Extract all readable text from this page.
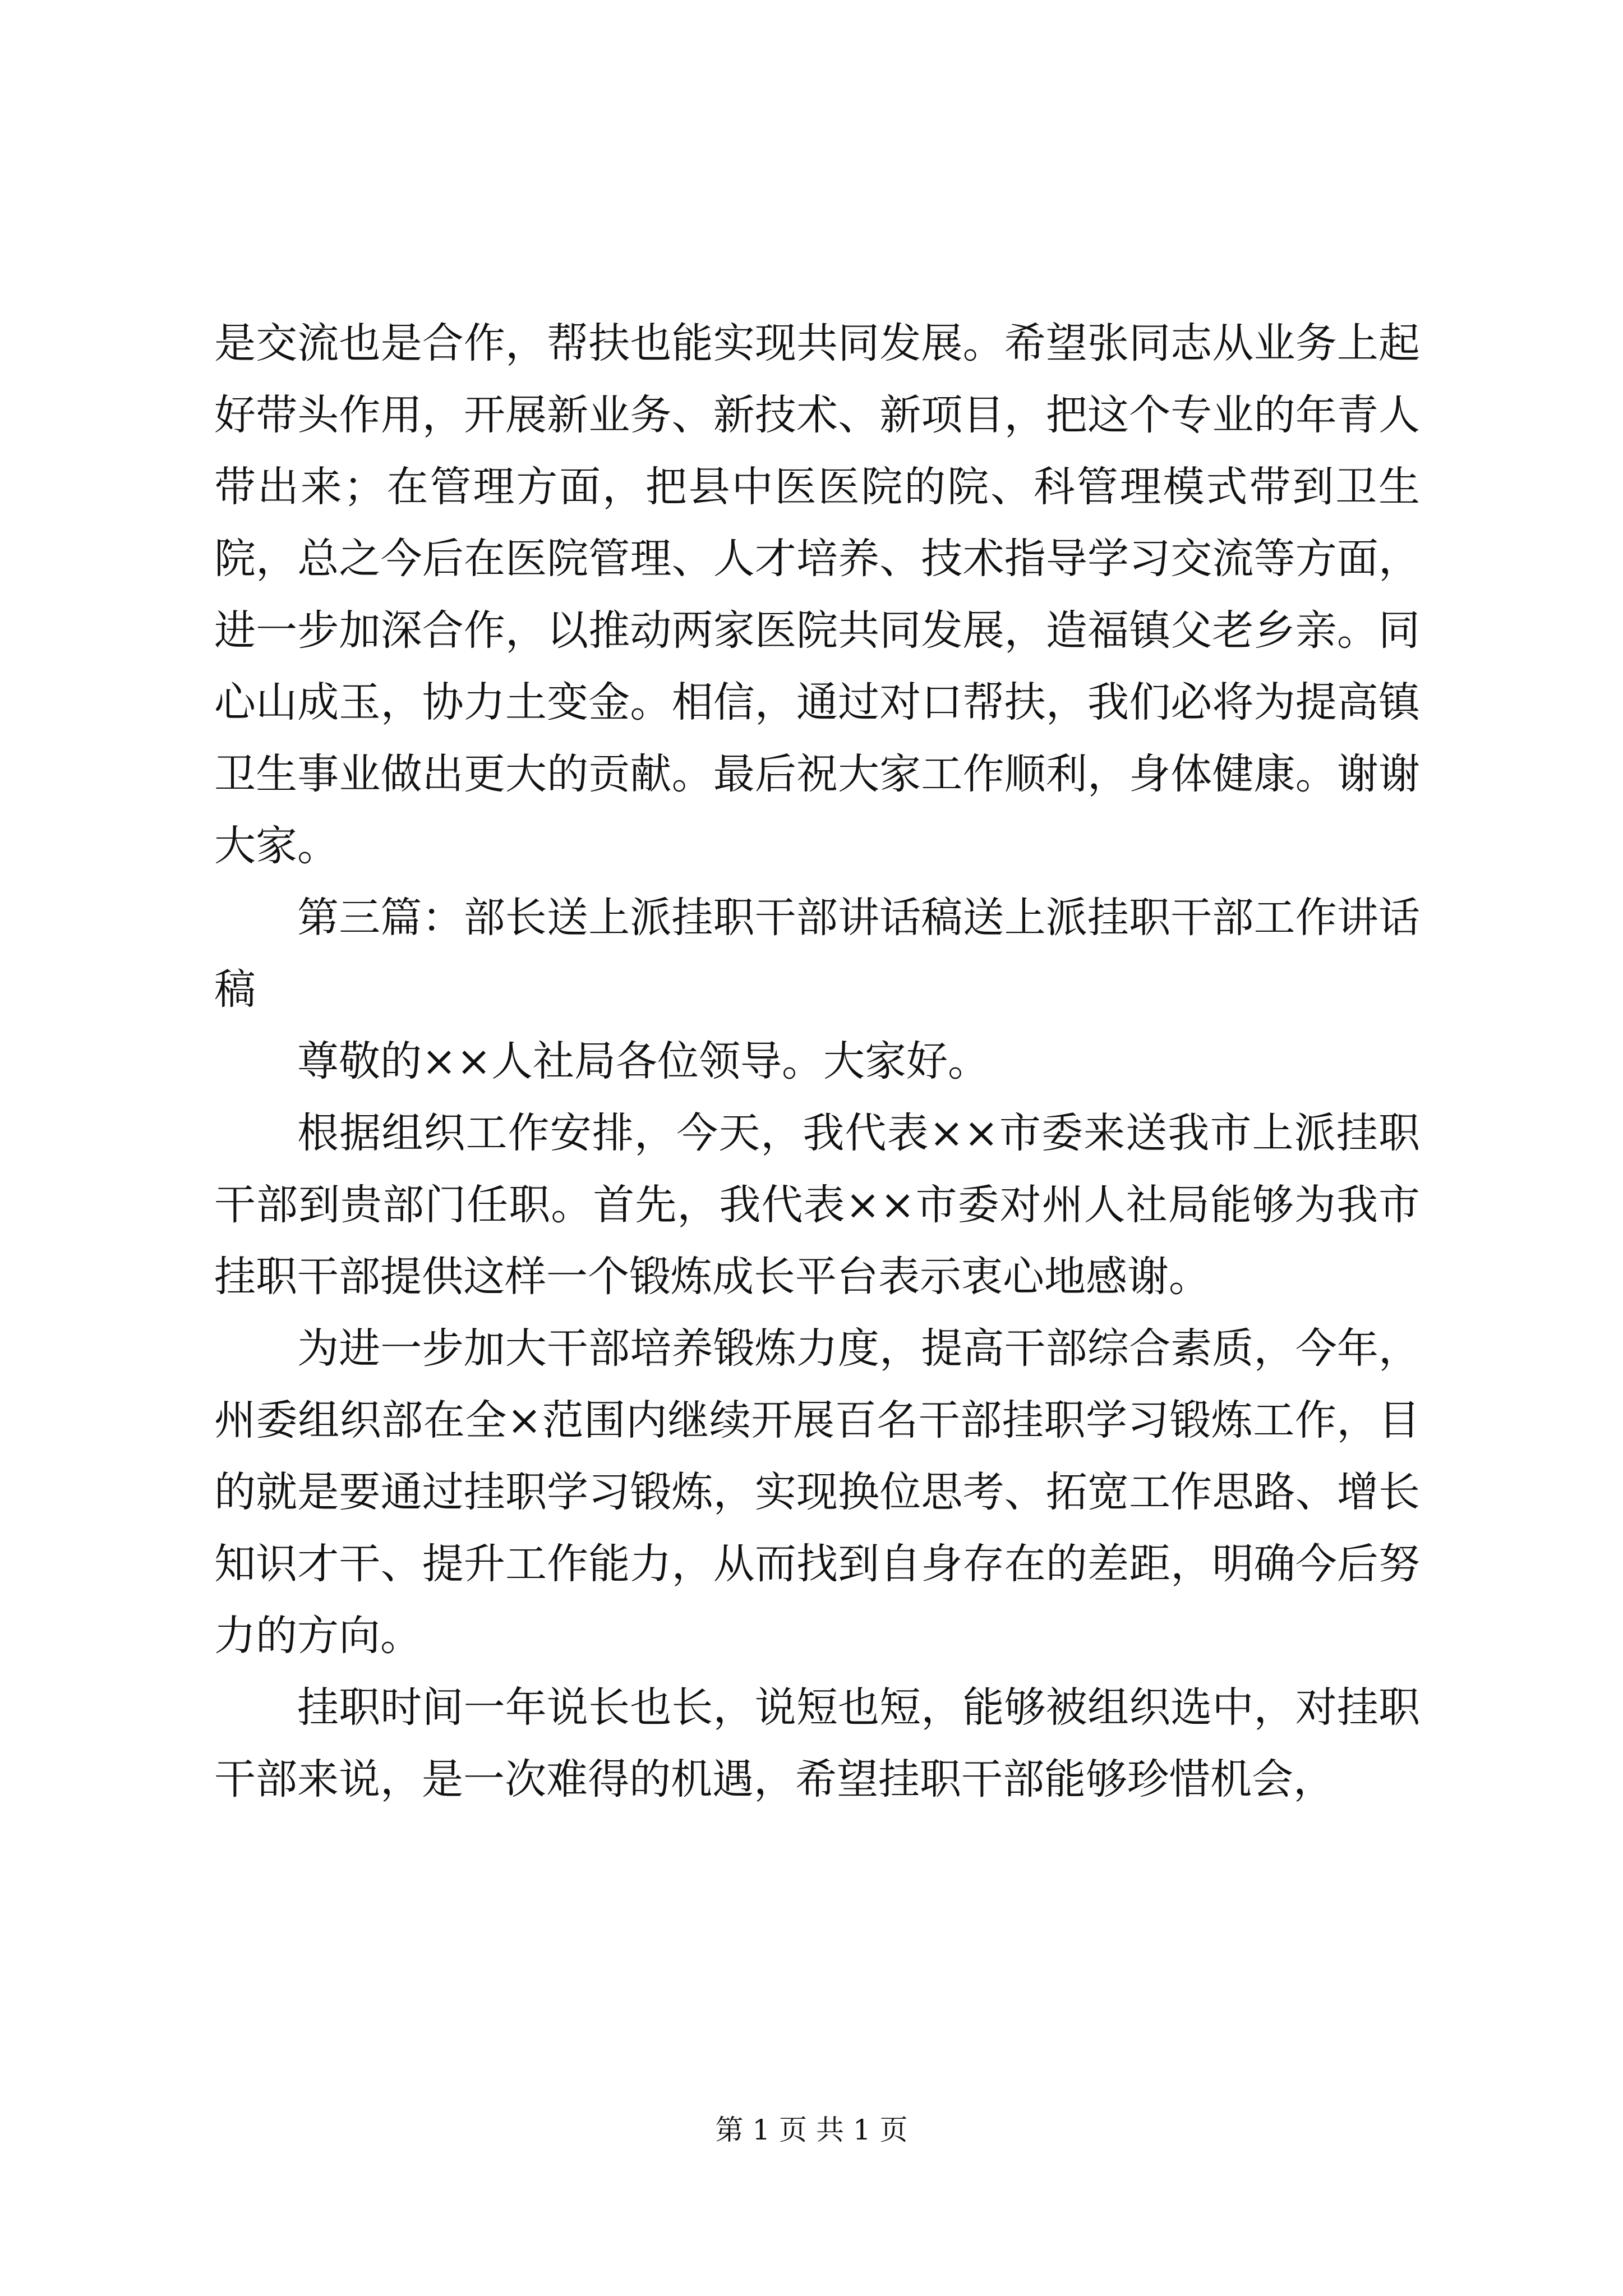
是交流也是合作，帮扶也能实现共同发展。希望张同志从业务上起好带头作用，开展新业务、新技术、新项目，把这个专业的年青人带出来；在管理方面，把县中医医院的院、科管理模式带到卫生院，总之今后在医院管理、人才培养、技术指导学习交流等方面，进一步加深合作，以推动两家医院共同发展，造福镇父老乡亲。同心山成玉，协力土变金。相信，通过对口帮扶，我们必将为提高镇卫生事业做出更大的贡献。最后祝大家工作顺利，身体健康。谢谢大家。

第三篇：部长送上派挂职干部讲话稿送上派挂职干部工作讲话稿

尊敬的××人社局各位领导。大家好。

根据组织工作安排，今天，我代表××市委来送我市上派挂职干部到贵部门任职。首先，我代表××市委对州人社局能够为我市挂职干部提供这样一个锻炼成长平台表示衷心地感谢。

为进一步加大干部培养锻炼力度，提高干部综合素质，今年，州委组织部在全×范围内继续开展百名干部挂职学习锻炼工作，目的就是要通过挂职学习锻炼，实现换位思考、拓宽工作思路、增长知识才干、提升工作能力，从而找到自身存在的差距，明确今后努力的方向。

挂职时间一年说长也长，说短也短，能够被组织选中，对挂职干部来说，是一次难得的机遇，希望挂职干部能够珍惜机会，

第 1 页 共 1 页
